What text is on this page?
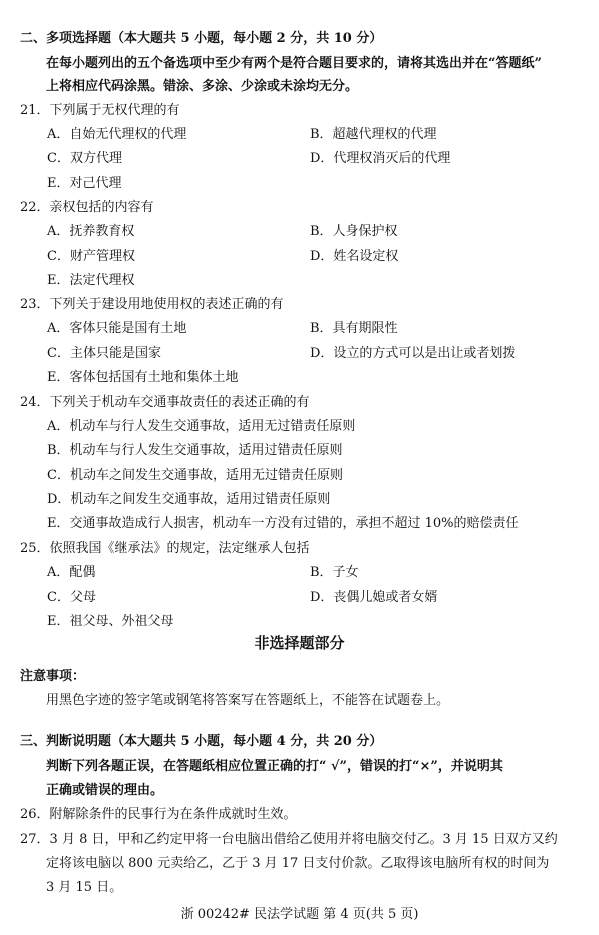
二、多项选择题（本大题共 5 小题，每小题 2 分，共 10 分）
在每小题列出的五个备选项中至少有两个是符合题目要求的，请将其选出并在“答题纸”
上将相应代码涂黑。错涂、多涂、少涂或未涂均无分。
21．下列属于无权代理的有
A．自始无代理权的代理	B．超越代理权的代理
C．双方代理	D．代理权消灭后的代理
E．对己代理
22．亲权包括的内容有
A．抚养教育权	B．人身保护权
C．财产管理权	D．姓名设定权
E．法定代理权
23．下列关于建设用地使用权的表述正确的有
A．客体只能是国有土地	B．具有期限性
C．主体只能是国家	D．设立的方式可以是出让或者划拨
E．客体包括国有土地和集体土地
24．下列关于机动车交通事故责任的表述正确的有
A．机动车与行人发生交通事故，适用无过错责任原则
B．机动车与行人发生交通事故，适用过错责任原则
C．机动车之间发生交通事故，适用无过错责任原则
D．机动车之间发生交通事故，适用过错责任原则
E．交通事故造成行人损害，机动车一方没有过错的，承担不超过 10%的赔偿责任
25．依照我国《继承法》的规定，法定继承人包括
A．配偶	B．子女
C．父母	D．丧偶儿媳或者女婿
E．祖父母、外祖父母
非选择题部分
注意事项：
用黑色字迹的签字笔或钢笔将答案写在答题纸上，不能答在试题卷上。
三、判断说明题（本大题共 5 小题，每小题 4 分，共 20 分）
判断下列各题正误，在答题纸相应位置正确的打“ √”，错误的打“×”，并说明其
正确或错误的理由。
26．附解除条件的民事行为在条件成就时生效。
27．3 月 8 日，甲和乙约定甲将一台电脑出借给乙使用并将电脑交付乙。3 月 15 日双方又约
定将该电脑以 800 元卖给乙，乙于 3 月 17 日支付价款。乙取得该电脑所有权的时间为
3 月 15 日。
浙 00242# 民法学试题 第 4 页(共 5 页)
